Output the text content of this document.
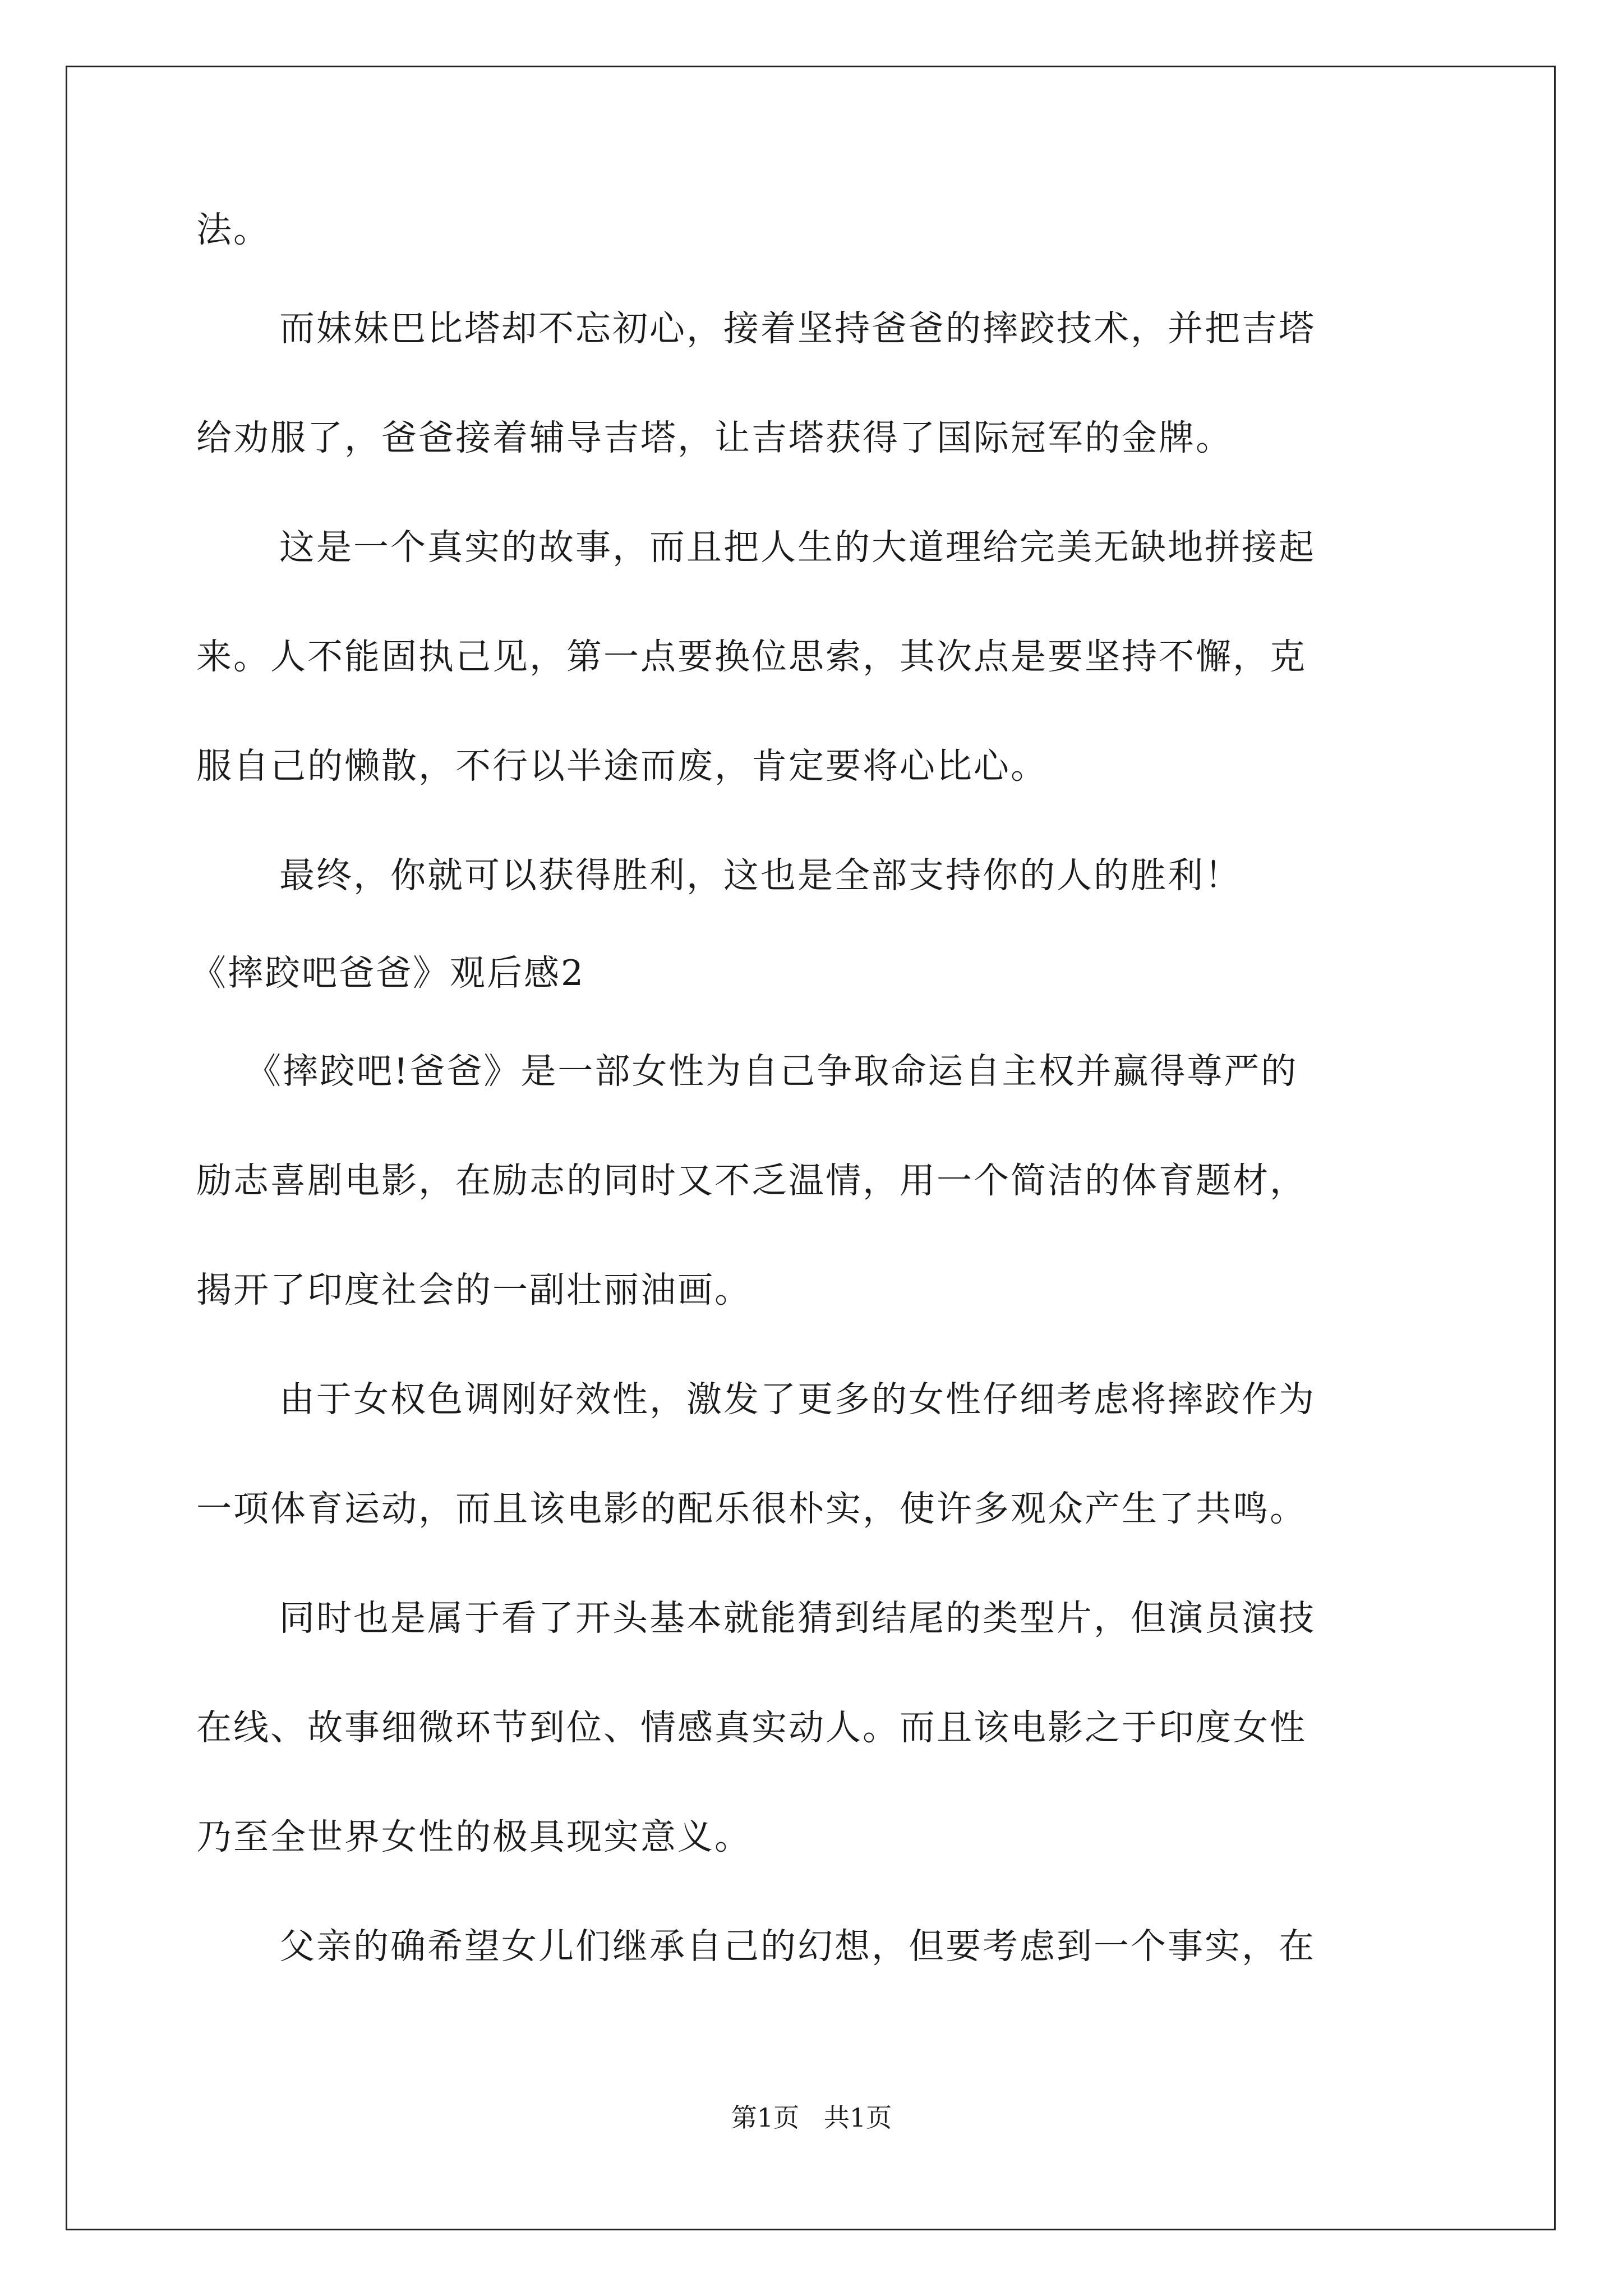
法。
而妹妹巴比塔却不忘初心，接着坚持爸爸的摔跤技术，并把吉塔
给劝服了，爸爸接着辅导吉塔，让吉塔获得了国际冠军的金牌。
这是一个真实的故事，而且把人生的大道理给完美无缺地拼接起
来。人不能固执己见，第一点要换位思索，其次点是要坚持不懈，克
服自己的懒散，不行以半途而废，肯定要将心比心。
最终，你就可以获得胜利，这也是全部支持你的人的胜利！
《摔跤吧爸爸》观后感2
《摔跤吧!爸爸》是一部女性为自己争取命运自主权并赢得尊严的
励志喜剧电影，在励志的同时又不乏温情，用一个简洁的体育题材，
揭开了印度社会的一副壮丽油画。
由于女权色调刚好效性，激发了更多的女性仔细考虑将摔跤作为
一项体育运动，而且该电影的配乐很朴实，使许多观众产生了共鸣。
同时也是属于看了开头基本就能猜到结尾的类型片，但演员演技
在线、故事细微环节到位、情感真实动人。而且该电影之于印度女性
乃至全世界女性的极具现实意义。
父亲的确希望女儿们继承自己的幻想，但要考虑到一个事实，在
第1页   共1页
